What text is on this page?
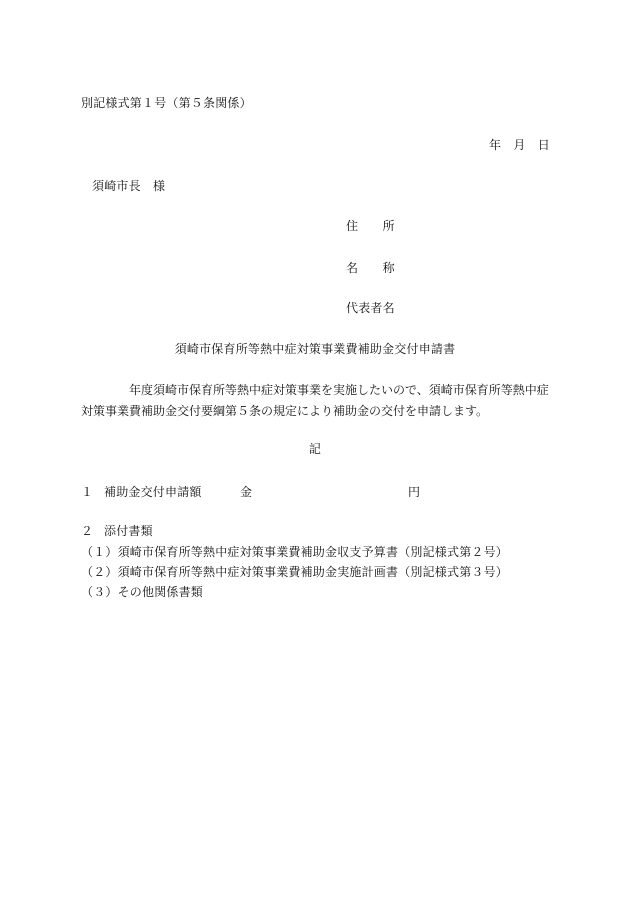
別記様式第１号（第５条関係）
年　月　日
須崎市長　様
住　　所
名　　称
代表者名
須崎市保育所等熱中症対策事業費補助金交付申請書
　　　　年度須崎市保育所等熱中症対策事業を実施したいので、須崎市保育所等熱中症対策事業費補助金交付要綱第５条の規定により補助金の交付を申請します。
記
１ 補助金交付申請額	金	円
２ 添付書類
（１）須崎市保育所等熱中症対策事業費補助金収支予算書（別記様式第２号）
（２）須崎市保育所等熱中症対策事業費補助金実施計画書（別記様式第３号）
（３）その他関係書類
